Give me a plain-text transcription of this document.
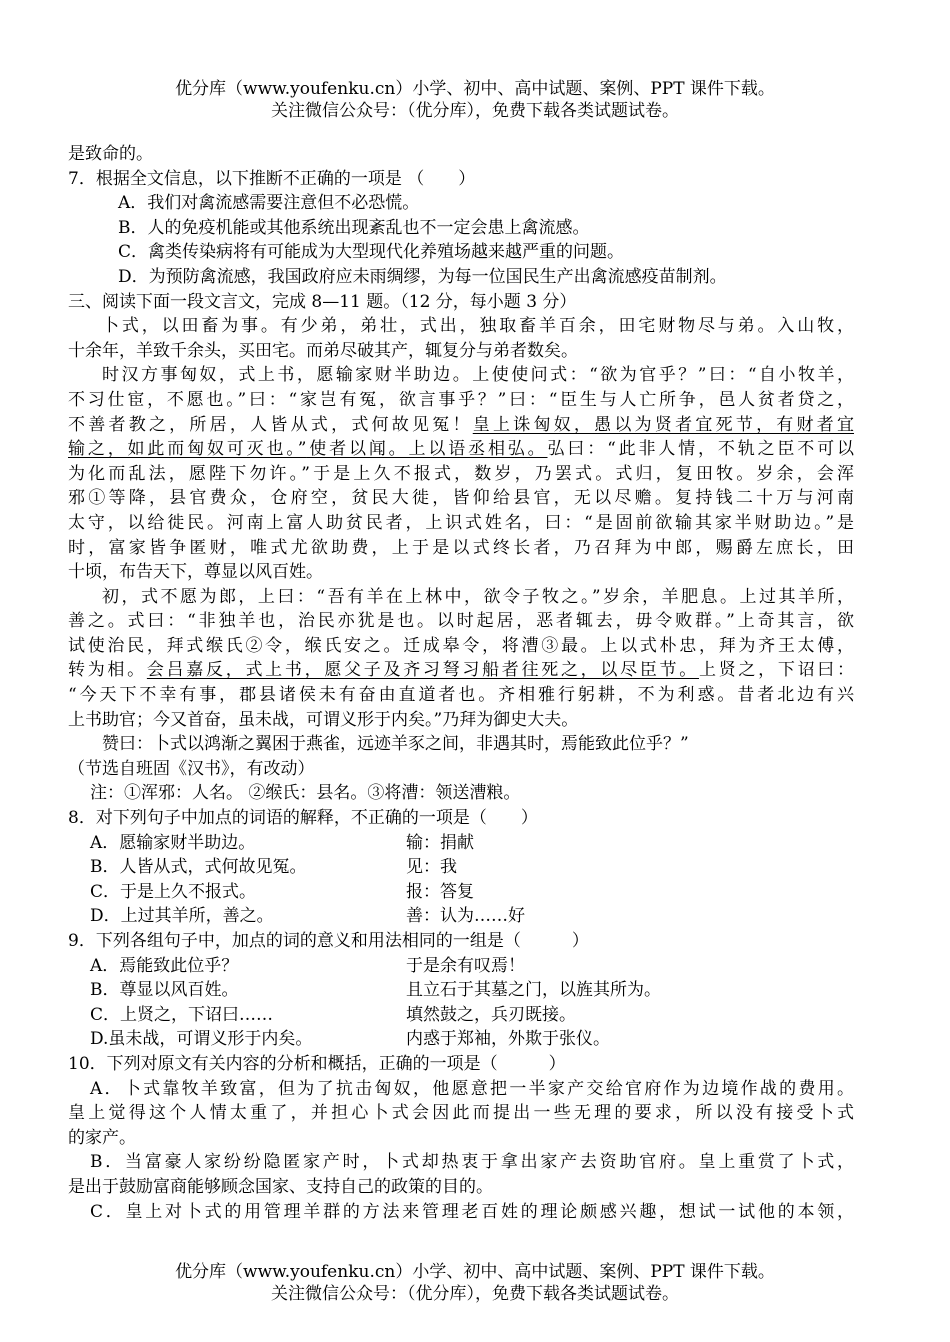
优分库（www.youfenku.cn）小学、初中、高中试题、案例、PPT 课件下载。
关注微信公众号：（优分库），免费下载各类试题试卷。
是致命的。
7．根据全文信息，以下推断不正确的一项是 （　　）
A．我们对禽流感需要注意但不必恐慌。
B．人的免疫机能或其他系统出现紊乱也不一定会患上禽流感。
C．禽类传染病将有可能成为大型现代化养殖场越来越严重的问题。
D．为预防禽流感，我国政府应未雨绸缪，为每一位国民生产出禽流感疫苗制剂。
三、阅读下面一段文言文，完成 8—11 题。（12 分，每小题 3 分）
卜式，以田畜为事。有少弟，弟壮，式出，独取畜羊百余，田宅财物尽与弟。入山牧，
十余年，羊致千余头，买田宅。而弟尽破其产，辄复分与弟者数矣。
时汉方事匈奴，式上书，愿输家财半助边。上使使问式：“欲为官乎？”曰：“自小牧羊，
不习仕宦，不愿也。”曰：“家岂有冤，欲言事乎？”曰：“臣生与人亡所争，邑人贫者贷之，
不善者教之，所居，人皆从式，式何故见冤！皇上诛匈奴，愚以为贤者宜死节，有财者宜
输之，如此而匈奴可灭也。”使者以闻。上以语丞相弘。弘曰：“此非人情，不轨之臣不可以
为化而乱法，愿陛下勿许。”于是上久不报式，数岁，乃罢式。式归，复田牧。岁余，会浑
邪①等降，县官费众，仓府空，贫民大徙，皆仰给县官，无以尽赡。复持钱二十万与河南
太守，以给徙民。河南上富人助贫民者，上识式姓名，曰：“是固前欲输其家半财助边。”是
时，富家皆争匿财，唯式尤欲助费，上于是以式终长者，乃召拜为中郎，赐爵左庶长，田
十顷，布告天下，尊显以风百姓。
初，式不愿为郎，上曰：“吾有羊在上林中，欲令子牧之。”岁余，羊肥息。上过其羊所，
善之。式曰：“非独羊也，治民亦犹是也。以时起居，恶者辄去，毋令败群。”上奇其言，欲
试使治民，拜式缑氏②令，缑氏安之。迁成皋令，将漕③最。上以式朴忠，拜为齐王太傅，
转为相。会吕嘉反，式上书，愿父子及齐习弩习船者往死之，以尽臣节。上贤之，下诏曰：
“今天下不幸有事，郡县诸侯未有奋由直道者也。齐相雅行躬耕，不为利惑。昔者北边有兴
上书助官；今又首奋，虽未战，可谓义形于内矣。”乃拜为御史大夫。
赞曰：卜式以鸿渐之翼困于燕雀，远迹羊豕之间，非遇其时，焉能致此位乎？”
（节选自班固《汉书》，有改动）
注：①浑邪：人名。 ②缑氏：县名。③将漕：领送漕粮。
8．对下列句子中加点的词语的解释，不正确的一项是（　　）
A．愿输家财半助边。	输：捐献
B．人皆从式，式何故见冤。	见：我
C．于是上久不报式。	报：答复
D．上过其羊所，善之。	善：认为……好
9．下列各组句子中，加点的词的意义和用法相同的一组是（　　　）
A．焉能致此位乎？	于是余有叹焉！
B．尊显以风百姓。	且立石于其墓之门，以旌其所为。
C．上贤之，下诏曰……	填然鼓之，兵刃既接。
D.虽未战，可谓义形于内矣。	内惑于郑袖，外欺于张仪。
10．下列对原文有关内容的分析和概括，正确的一项是（　　　）
A．卜式靠牧羊致富，但为了抗击匈奴，他愿意把一半家产交给官府作为边境作战的费用。
皇上觉得这个人情太重了，并担心卜式会因此而提出一些无理的要求，所以没有接受卜式
的家产。
B．当富豪人家纷纷隐匿家产时，卜式却热衷于拿出家产去资助官府。皇上重赏了卜式，
是出于鼓励富商能够顾念国家、支持自己的政策的目的。
C．皇上对卜式的用管理羊群的方法来管理老百姓的理论颇感兴趣，想试一试他的本领，
优分库（www.youfenku.cn）小学、初中、高中试题、案例、PPT 课件下载。
关注微信公众号：（优分库），免费下载各类试题试卷。
